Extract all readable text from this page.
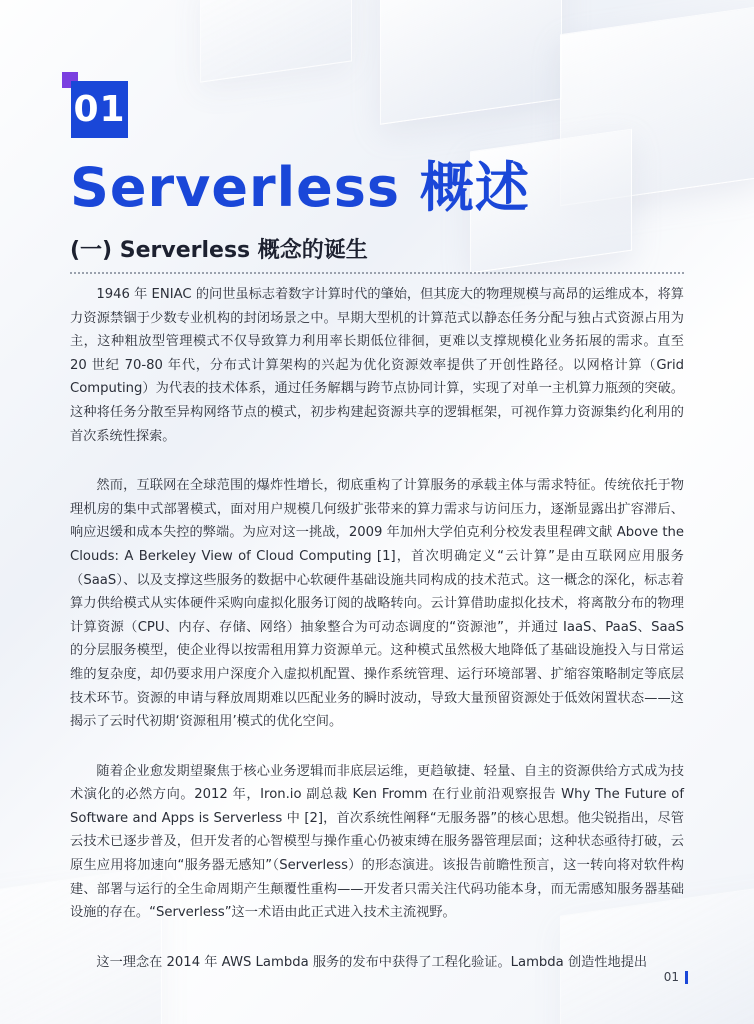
01
Serverless 概述
(一) Serverless 概念的诞生

1946 年 ENIAC 的问世虽标志着数字计算时代的肇始，但其庞大的物理规模与高昂的运维成本，将算力资源禁锢于少数专业机构的封闭场景之中。早期大型机的计算范式以静态任务分配与独占式资源占用为主，这种粗放型管理模式不仅导致算力利用率长期低位徘徊，更难以支撑规模化业务拓展的需求。直至 20 世纪 70-80 年代，分布式计算架构的兴起为优化资源效率提供了开创性路径。以网格计算（Grid Computing）为代表的技术体系，通过任务解耦与跨节点协同计算，实现了对单一主机算力瓶颈的突破。这种将任务分散至异构网络节点的模式，初步构建起资源共享的逻辑框架，可视作算力资源集约化利用的首次系统性探索。

然而，互联网在全球范围的爆炸性增长，彻底重构了计算服务的承载主体与需求特征。传统依托于物理机房的集中式部署模式，面对用户规模几何级扩张带来的算力需求与访问压力，逐渐显露出扩容滞后、响应迟缓和成本失控的弊端。为应对这一挑战，2009 年加州大学伯克利分校发表里程碑文献 Above the Clouds: A Berkeley View of Cloud Computing [1]，首次明确定义“云计算”是由互联网应用服务（SaaS）、以及支撑这些服务的数据中心软硬件基础设施共同构成的技术范式。这一概念的深化，标志着算力供给模式从实体硬件采购向虚拟化服务订阅的战略转向。云计算借助虚拟化技术，将离散分布的物理计算资源（CPU、内存、存储、网络）抽象整合为可动态调度的“资源池”，并通过 IaaS、PaaS、SaaS 的分层服务模型，使企业得以按需租用算力资源单元。这种模式虽然极大地降低了基础设施投入与日常运维的复杂度，却仍要求用户深度介入虚拟机配置、操作系统管理、运行环境部署、扩缩容策略制定等底层技术环节。资源的申请与释放周期难以匹配业务的瞬时波动，导致大量预留资源处于低效闲置状态——这揭示了云时代初期‘资源租用’模式的优化空间。

随着企业愈发期望聚焦于核心业务逻辑而非底层运维，更趋敏捷、轻量、自主的资源供给方式成为技术演化的必然方向。2012 年，Iron.io 副总裁 Ken Fromm 在行业前沿观察报告 Why The Future of Software and Apps is Serverless 中 [2]，首次系统性阐释“无服务器”的核心思想。他尖锐指出，尽管云技术已逐步普及，但开发者的心智模型与操作重心仍被束缚在服务器管理层面；这种状态亟待打破，云原生应用将加速向“服务器无感知”（Serverless）的形态演进。该报告前瞻性预言，这一转向将对软件构建、部署与运行的全生命周期产生颠覆性重构——开发者只需关注代码功能本身，而无需感知服务器基础设施的存在。“Serverless”这一术语由此正式进入技术主流视野。

这一理念在 2014 年 AWS Lambda 服务的发布中获得了工程化验证。Lambda 创造性地提出

01
